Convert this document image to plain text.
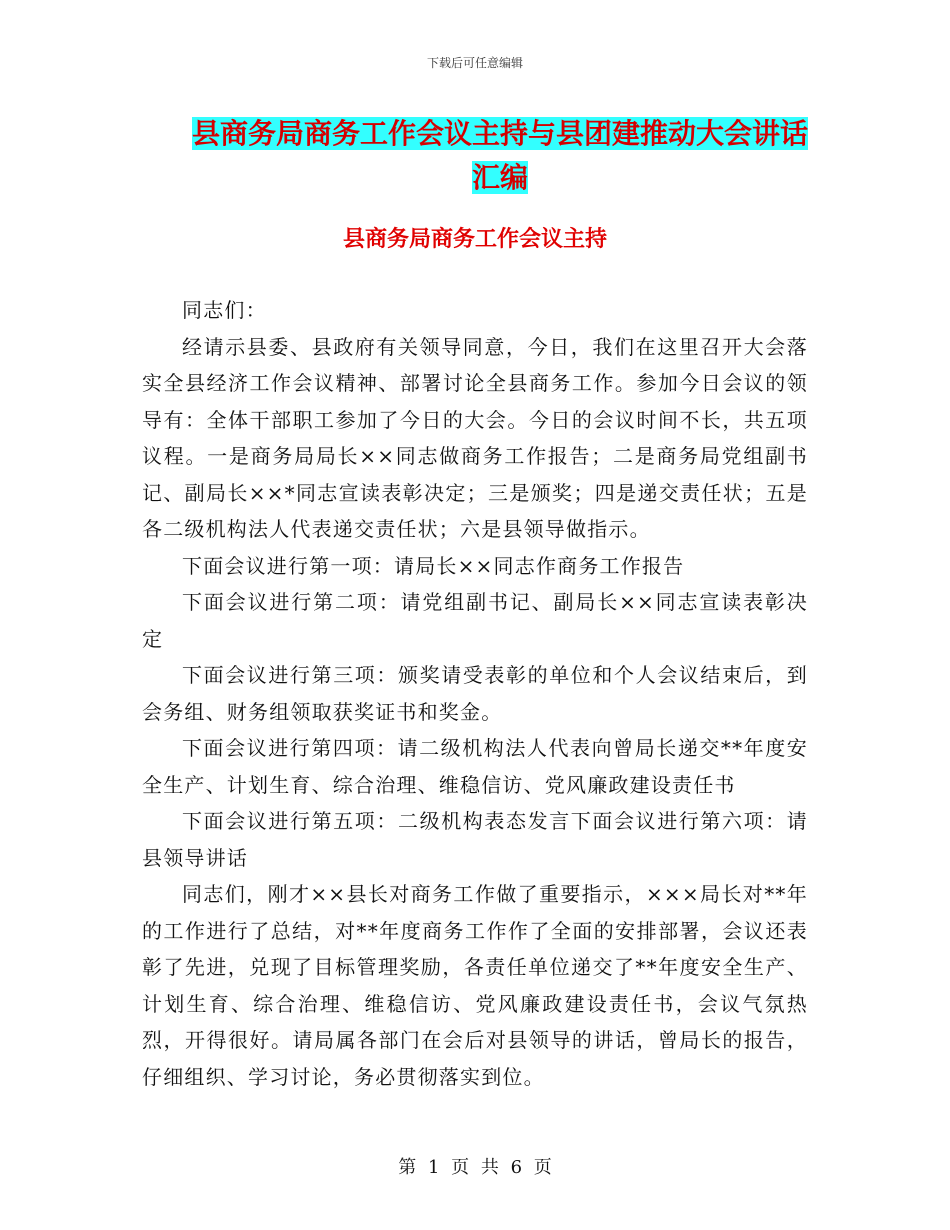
下载后可任意编辑
县商务局商务工作会议主持与县团建推动大会讲话汇编
县商务局商务工作会议主持

同志们：

经请示县委、县政府有关领导同意，今日，我们在这里召开大会落实全县经济工作会议精神、部署讨论全县商务工作。参加今日会议的领导有：全体干部职工参加了今日的大会。今日的会议时间不长，共五项议程。一是商务局局长××同志做商务工作报告；二是商务局党组副书记、副局长××*同志宣读表彰决定；三是颁奖；四是递交责任状；五是各二级机构法人代表递交责任状；六是县领导做指示。

下面会议进行第一项：请局长××同志作商务工作报告

下面会议进行第二项：请党组副书记、副局长××同志宣读表彰决定

下面会议进行第三项：颁奖请受表彰的单位和个人会议结束后，到会务组、财务组领取获奖证书和奖金。

下面会议进行第四项：请二级机构法人代表向曾局长递交**年度安全生产、计划生育、综合治理、维稳信访、党风廉政建设责任书

下面会议进行第五项：二级机构表态发言下面会议进行第六项：请县领导讲话

同志们，刚才××县长对商务工作做了重要指示，×××局长对**年的工作进行了总结，对**年度商务工作作了全面的安排部署，会议还表彰了先进，兑现了目标管理奖励，各责任单位递交了**年度安全生产、计划生育、综合治理、维稳信访、党风廉政建设责任书，会议气氛热烈，开得很好。请局属各部门在会后对县领导的讲话，曾局长的报告，仔细组织、学习讨论，务必贯彻落实到位。

第 1 页 共 6 页
